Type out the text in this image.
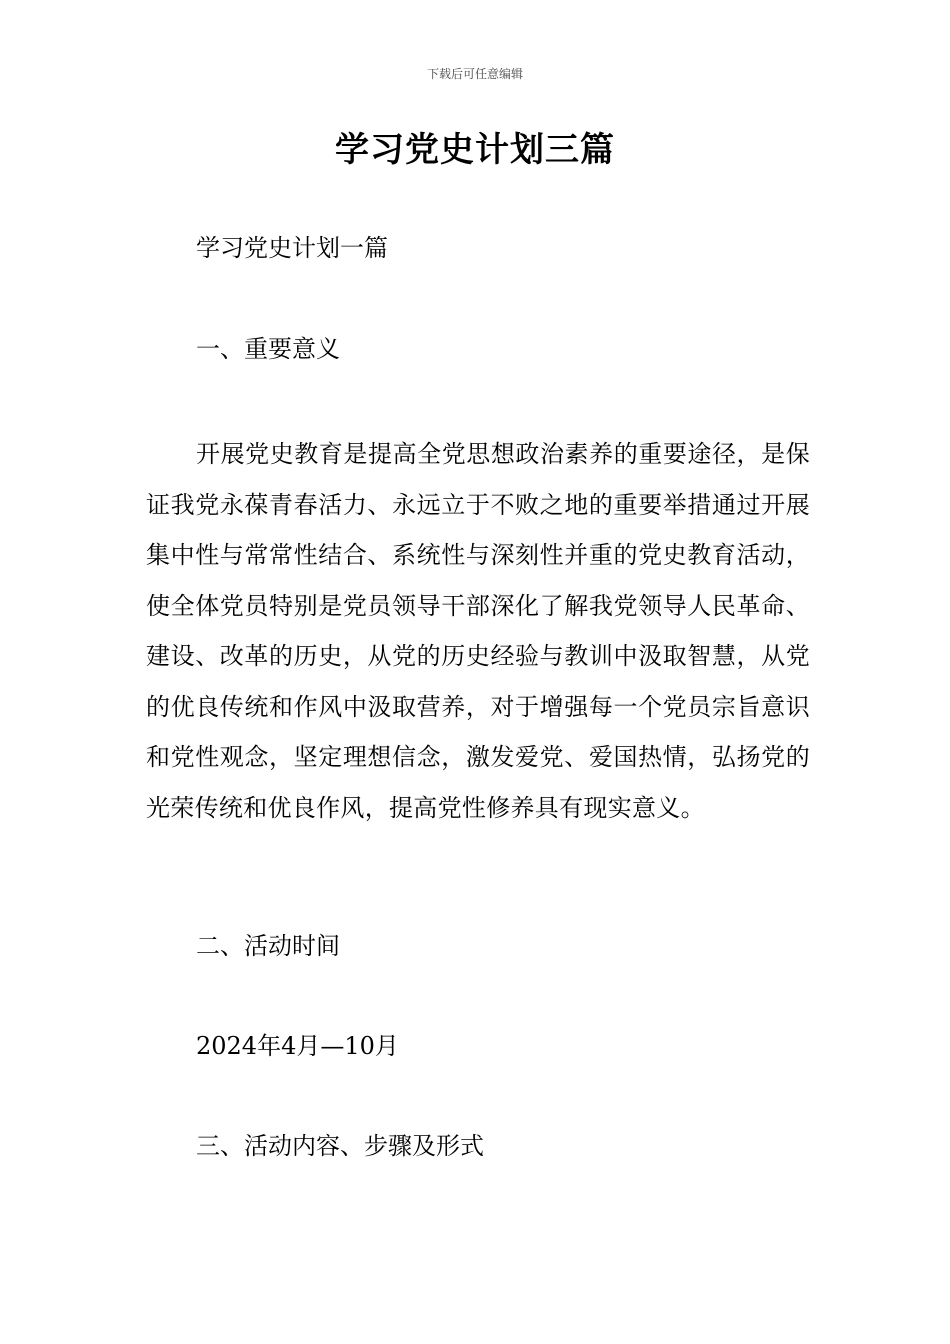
下载后可任意编辑
学习党史计划三篇
学习党史计划一篇
一、重要意义
开展党史教育是提高全党思想政治素养的重要途径，是保证我党永葆青春活力、永远立于不败之地的重要举措通过开展集中性与常常性结合、系统性与深刻性并重的党史教育活动，使全体党员特别是党员领导干部深化了解我党领导人民革命、建设、改革的历史，从党的历史经验与教训中汲取智慧，从党的优良传统和作风中汲取营养，对于增强每一个党员宗旨意识和党性观念，坚定理想信念，激发爱党、爱国热情，弘扬党的光荣传统和优良作风，提高党性修养具有现实意义。
二、活动时间
2024年4月—10月
三、活动内容、步骤及形式
